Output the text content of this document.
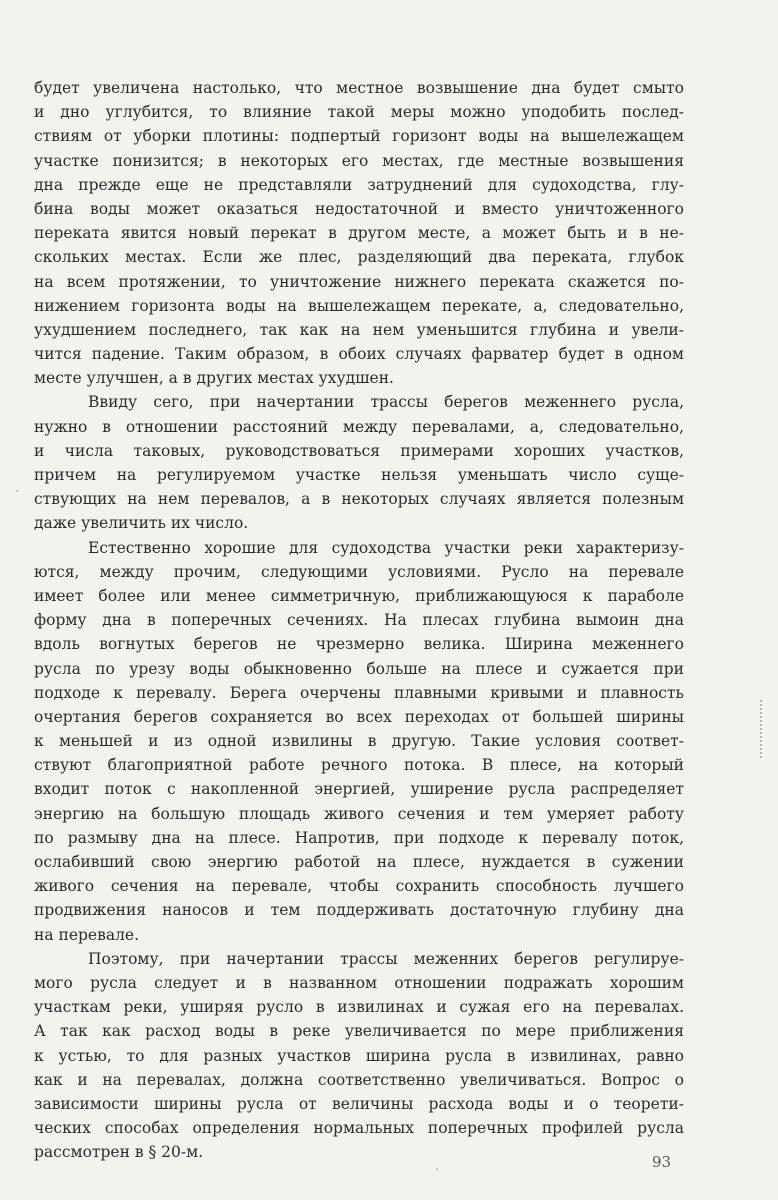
будет увеличена настолько, что местное возвышение дна будет смыто
и дно углубится, то влияние такой меры можно уподобить послед-
ствиям от уборки плотины: подпертый горизонт воды на вышележащем
участке понизится; в некоторых его местах, где местные возвышения
дна прежде еще не представляли затруднений для судоходства, глу-
бина воды может оказаться недостаточной и вместо уничтоженного
переката явится новый перекат в другом месте, а может быть и в не-
скольких местах. Если же плес, разделяющий два переката, глубок
на всем протяжении, то уничтожение нижнего переката скажется по-
нижением горизонта воды на вышележащем перекате, а, следовательно,
ухудшением последнего, так как на нем уменьшится глубина и увели-
чится падение. Таким образом, в обоих случаях фарватер будет в одном
месте улучшен, а в других местах ухудшен.
Ввиду сего, при начертании трассы берегов меженнего русла,
нужно в отношении расстояний между перевалами, а, следовательно,
и числа таковых, руководствоваться примерами хороших участков,
причем на регулируемом участке нельзя уменьшать число суще-
ствующих на нем перевалов, а в некоторых случаях является полезным
даже увеличить их число.
Естественно хорошие для судоходства участки реки характеризу-
ются, между прочим, следующими условиями. Русло на перевале
имеет более или менее симметричную, приближающуюся к параболе
форму дна в поперечных сечениях. На плесах глубина вымоин дна
вдоль вогнутых берегов не чрезмерно велика. Ширина меженнего
русла по урезу воды обыкновенно больше на плесе и сужается при
подходе к перевалу. Берега очерчены плавными кривыми и плавность
очертания берегов сохраняется во всех переходах от большей ширины
к меньшей и из одной извилины в другую. Такие условия соответ-
ствуют благоприятной работе речного потока. В плесе, на который
входит поток с накопленной энергией, уширение русла распределяет
энергию на большую площадь живого сечения и тем умеряет работу
по размыву дна на плесе. Напротив, при подходе к перевалу поток,
ослабивший свою энергию работой на плесе, нуждается в сужении
живого сечения на перевале, чтобы сохранить способность лучшего
продвижения наносов и тем поддерживать достаточную глубину дна
на перевале.
Поэтому, при начертании трассы меженних берегов регулируе-
мого русла следует и в названном отношении подражать хорошим
участкам реки, уширяя русло в извилинах и сужая его на перевалах.
А так как расход воды в реке увеличивается по мере приближения
к устью, то для разных участков ширина русла в извилинах, равно
как и на перевалах, должна соответственно увеличиваться. Вопрос о
зависимости ширины русла от величины расхода воды и о теорети-
ческих способах определения нормальных поперечных профилей русла
рассмотрен в § 20-м.
93
